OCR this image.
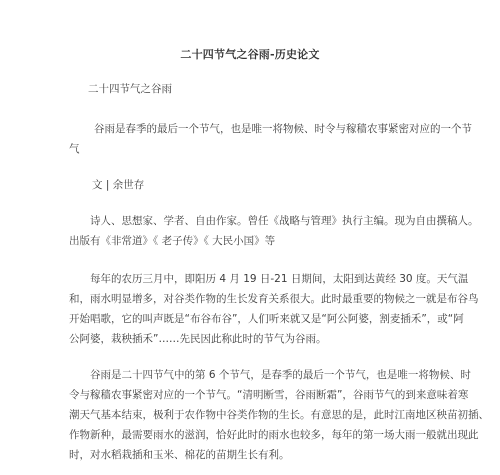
二十四节气之谷雨-历史论文
二十四节气之谷雨
谷雨是春季的最后一个节气，也是唯一将物候、时令与稼穑农事紧密对应的一个节
气
文 | 余世存
诗人、思想家、学者、自由作家。曾任《战略与管理》执行主编。现为自由撰稿人。
出版有《非常道》《 老子传》《 大民小国》等
每年的农历三月中，即阳历 4 月 19 日-21 日期间，太阳到达黄经 30 度。天气温
和，雨水明显增多，对谷类作物的生长发育关系很大。此时最重要的物候之一就是布谷鸟
开始唱歌，它的叫声既是“布谷布谷”，人们听来就又是“阿公阿婆，割麦插禾”，或“阿
公阿婆，栽秧插禾”……先民因此称此时的节气为谷雨。
谷雨是二十四节气中的第 6 个节气，是春季的最后一个节气，也是唯一将物候、时
令与稼穑农事紧密对应的一个节气。“清明断雪，谷雨断霜”，谷雨节气的到来意味着寒
潮天气基本结束，极利于农作物中谷类作物的生长。有意思的是，此时江南地区秧苗初插、
作物新种，最需要雨水的滋润，恰好此时的雨水也较多，每年的第一场大雨一般就出现此
时，对水稻栽插和玉米、棉花的苗期生长有利。
